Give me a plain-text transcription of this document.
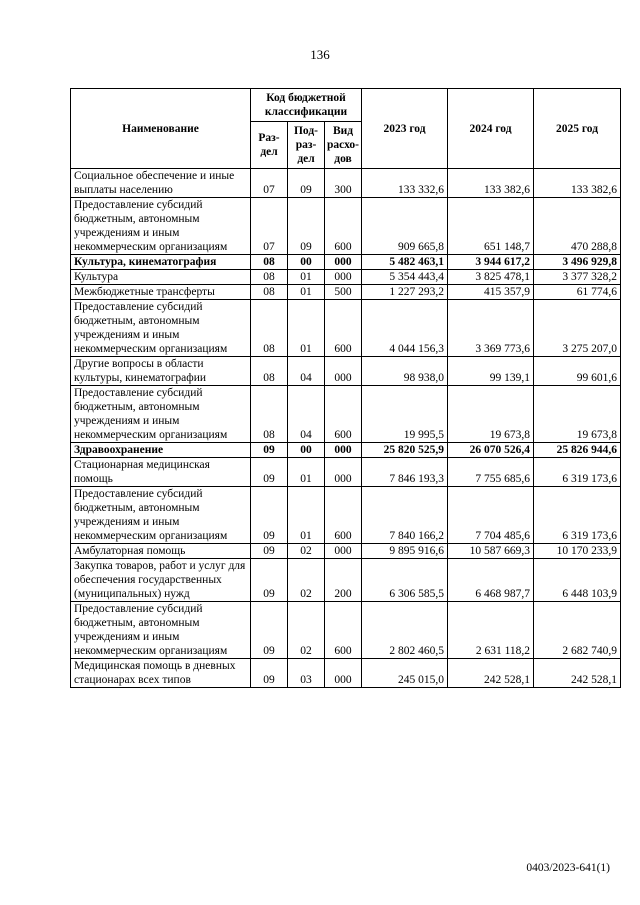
136
Наименование	Код бюджетной классификации			2023 год	2024 год	2025 год
	Раз-дел	Под-раз-дел	Вид расхо-дов			
Социальное обеспечение и иные выплаты населению	07	09	300	133 332,6	133 382,6	133 382,6
Предоставление субсидий бюджетным, автономным учреждениям и иным некоммерческим организациям	07	09	600	909 665,8	651 148,7	470 288,8
Культура, кинематография	08	00	000	5 482 463,1	3 944 617,2	3 496 929,8
Культура	08	01	000	5 354 443,4	3 825 478,1	3 377 328,2
Межбюджетные трансферты	08	01	500	1 227 293,2	415 357,9	61 774,6
Предоставление субсидий бюджетным, автономным учреждениям и иным некоммерческим организациям	08	01	600	4 044 156,3	3 369 773,6	3 275 207,0
Другие вопросы в области культуры, кинематографии	08	04	000	98 938,0	99 139,1	99 601,6
Предоставление субсидий бюджетным, автономным учреждениям и иным некоммерческим организациям	08	04	600	19 995,5	19 673,8	19 673,8
Здравоохранение	09	00	000	25 820 525,9	26 070 526,4	25 826 944,6
Стационарная медицинская помощь	09	01	000	7 846 193,3	7 755 685,6	6 319 173,6
Предоставление субсидий бюджетным, автономным учреждениям и иным некоммерческим организациям	09	01	600	7 840 166,2	7 704 485,6	6 319 173,6
Амбулаторная помощь	09	02	000	9 895 916,6	10 587 669,3	10 170 233,9
Закупка товаров, работ и услуг для обеспечения государственных (муниципальных) нужд	09	02	200	6 306 585,5	6 468 987,7	6 448 103,9
Предоставление субсидий бюджетным, автономным учреждениям и иным некоммерческим организациям	09	02	600	2 802 460,5	2 631 118,2	2 682 740,9
Медицинская помощь в дневных стационарах всех типов	09	03	000	245 015,0	242 528,1	242 528,1
0403/2023-641(1)
